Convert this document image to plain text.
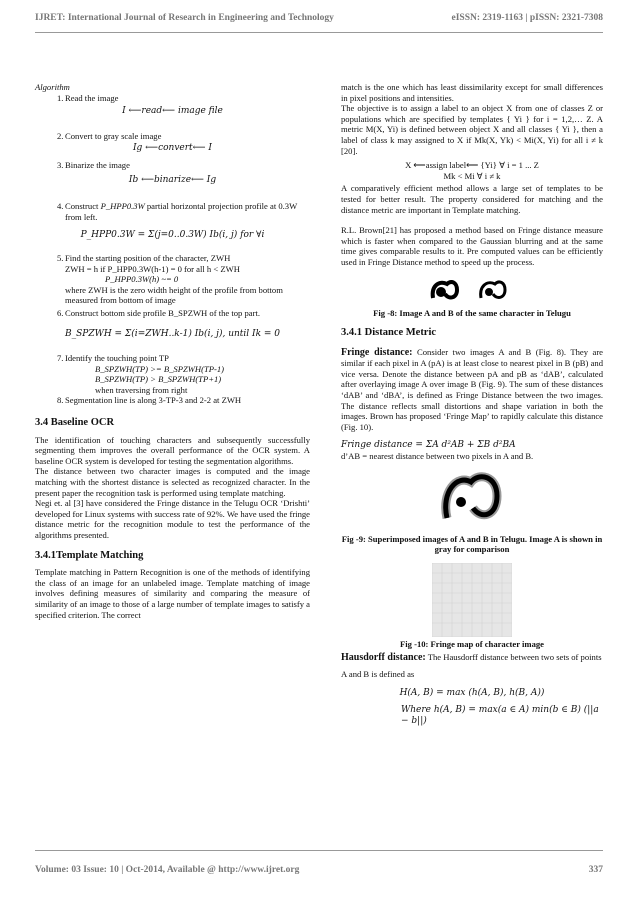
IJRET: International Journal of Research in Engineering and Technology	eISSN: 2319-1163 | pISSN: 2321-7308

Algorithm

1. Read the image

I ⟵read⟵ image file

2. Convert to gray scale image

Ig ⟵convert⟵ I

3. Binarize the image

Ib ⟵binarize⟵ Ig

4. Construct P_HPP0.3W partial horizontal projection profile at 0.3W from left.

P_HPP0.3W = Σ(j=0..0.3W) Ib(i, j) for ∀i

5. Find the starting position of the character, ZWH
ZWH = h if P_HPP0.3W(h-1) = 0 for all h < ZWH
P_HPP0.3W(h) ~= 0
where ZWH is the zero width height of the profile from bottom measured from bottom of image
6. Construct bottom side profile B_SPZWH of the top part.

B_SPZWH = Σ(i=ZWH..k-1) Ib(i, j), until Ik = 0

7. Identify the touching point TP
B_SPZWH(TP) >= B_SPZWH(TP-1)
B_SPZWH(TP) > B_SPZWH(TP+1)
when traversing from right
8. Segmentation line is along 3-TP-3 and 2-2 at ZWH

3.4 Baseline OCR

The identification of touching characters and subsequently successfully segmenting them improves the overall performance of the OCR system. A baseline OCR system is developed for testing the segmentation algorithms.

The distance between two character images is computed and the image matching with the shortest distance is selected as recognized character. In the present paper the recognition task is performed using template matching.

Negi et. al [3] have considered the Fringe distance in the Telugu OCR ‘Drishti’ developed for Linux systems with success rate of 92%. We have used the fringe distance metric for the recognition module to test the performance of the algorithms presented.

3.4.1Template Matching

Template matching in Pattern Recognition is one of the methods of identifying the class of an image for an unlabeled image. Template matching of image involves defining measures of similarity and comparing the measure of similarity of an image to those of a large number of template images to satisfy a specified criterion. The correct

match is the one which has least dissimilarity except for small differences in pixel positions and intensities.

The objective is to assign a label to an object X from one of classes Z or populations which are specified by templates { Yi } for i = 1,2,… Z. A metric M(X, Yi) is defined between object X and all classes { Yi }, then a label of class k may assigned to X if Mk(X, Yk) < Mi(X, Yi) for all i ≠ k [20].

X ⟵assign label⟵ {Yi} ∀ i = 1 ... Z

Mk < Mi ∀ i ≠ k

A comparatively efficient method allows a large set of templates to be tested for better result. The property considered for matching and the distance metric are important in Template matching.

R.L. Brown[21] has proposed a method based on Fringe distance measure which is faster when compared to the Gaussian blurring and at the same time gives comparable results to it. Pre computed values can be efficiently used in Fringe Distance method to speed up the process.

Fig -8: Image A and B of the same character in Telugu

3.4.1 Distance Metric

Fringe distance: Consider two images A and B (Fig. 8). They are similar if each pixel in A (pA) is at least close to nearest pixel in B (pB) and vice versa. Denote the distance between pA and pB as ‘dAB’, calculated after overlaying image A over image B (Fig. 9). The sum of these distances ‘dAB’ and ‘dBA’, is defined as Fringe Distance between the two images. The distance reflects small distortions and shape variation in both the images. Brown has proposed ‘Fringe Map’ to rapidly calculate this distance (Fig. 10).

Fringe distance = ΣA d²AB + ΣB d²BA

d’AB = nearest distance between two pixels in A and B.

Fig -9: Superimposed images of A and B in Telugu. Image A is shown in gray for comparison

Fig -10: Fringe map of character image

Hausdorff distance: The Hausdorff distance between two sets of points A and B is defined as

H(A, B) = max (h(A, B), h(B, A))

Where h(A, B) = max(a ∈ A) min(b ∈ B) (||a − b||)

Volume: 03 Issue: 10 | Oct-2014, Available @ http://www.ijret.org	337
